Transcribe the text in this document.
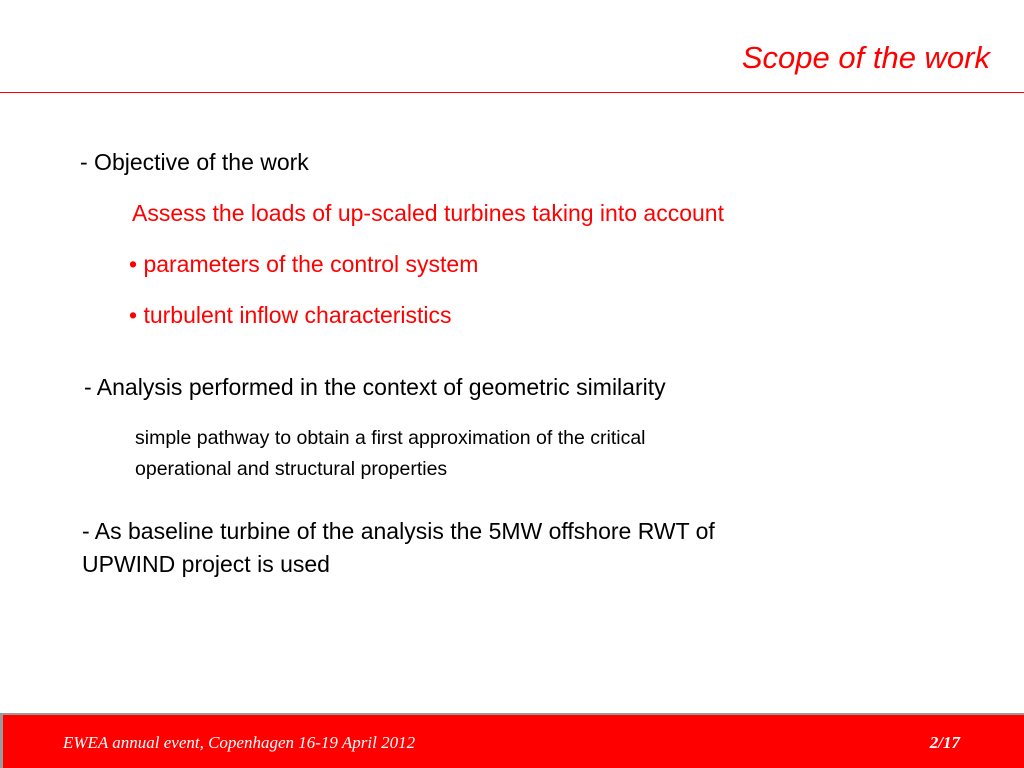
Scope of the work
- Objective of the work
Assess the loads of up-scaled turbines taking into account
• parameters of the control system
• turbulent inflow characteristics
- Analysis performed in the context of geometric similarity
simple pathway to obtain a first approximation of the critical
operational and structural properties
- As baseline turbine of the analysis the 5MW offshore RWT of
UPWIND project is used
EWEA annual event, Copenhagen 16-19 April 2012	2/17
